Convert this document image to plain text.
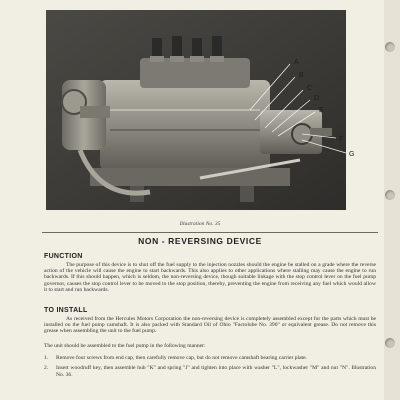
A
B
C
D
E
F
G
Illustration No. 35
NON - REVERSING DEVICE
FUNCTION
The purpose of this device is to shut off the fuel supply to the injection nozzles should the engine be stalled on a grade where the reverse action of the vehicle will cause the engine to start backwards. This also applies to other applications where stalling may cause the engine to run backwards. If this should happen, which is seldom, the non-reversing device, though suitable linkage with the stop control lever on the fuel pump governor, causes the stop control lever to be moved to the stop position, thereby, preventing the engine from receiving any fuel which would allow it to start and run backwards.
TO INSTALL
As received from the Hercules Motors Corporation the non-reversing device is completely assembled except for the parts which must be installed on the fuel pump camshaft. It is also packed with Standard Oil of Ohio "Factolube No. 390" or equivalent grease. Do not remove this grease when assembling the unit to the fuel pump.
The unit should be assembled to the fuel pump in the following manner:
1. Remove four screws from end cap, then carefully remove cap, but do not remove camshaft bearing carrier plate.
2. Insert woodruff key, then assemble hub "K" and spring "J" and tighten into place with washer "L", lockwasher "M" and nut "N". Illustration No. 36.
